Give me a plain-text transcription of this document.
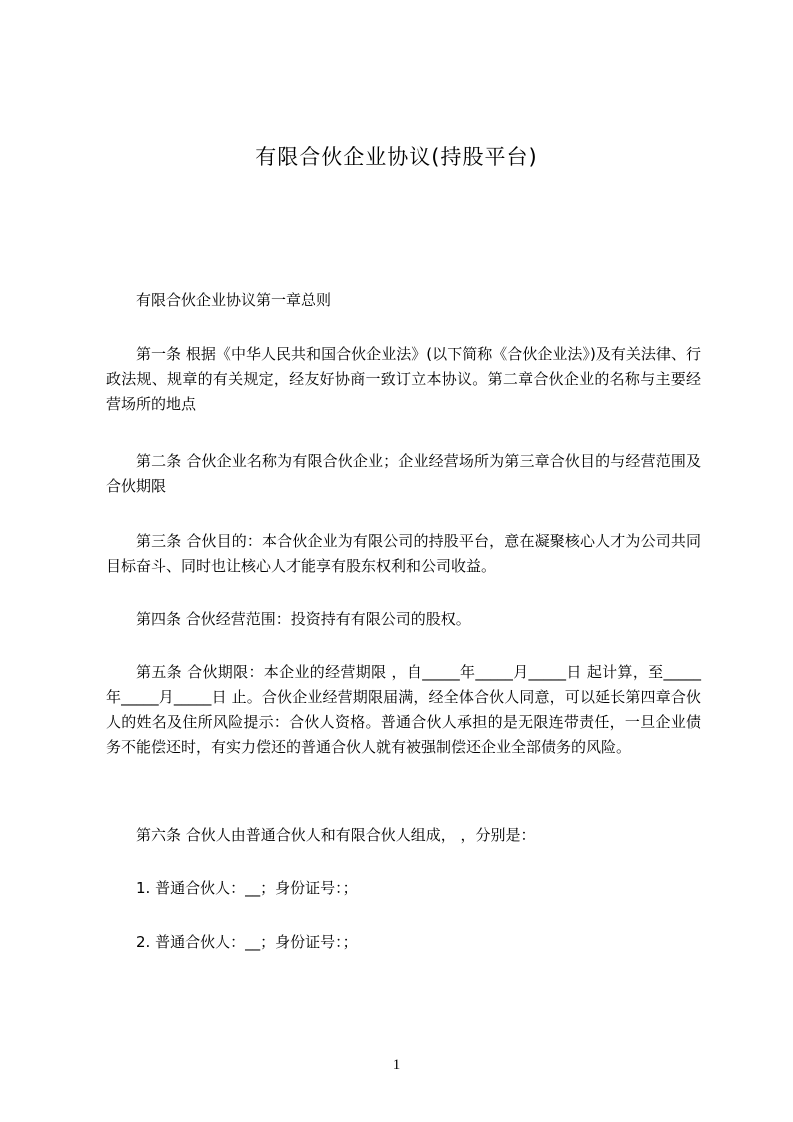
有限合伙企业协议(持股平台)

有限合伙企业协议第一章总则

第一条 根据《中华人民共和国合伙企业法》(以下简称《合伙企业法》)及有关法律、行政法规、规章的有关规定，经友好协商一致订立本协议。第二章合伙企业的名称与主要经营场所的地点

第二条 合伙企业名称为有限合伙企业；企业经营场所为第三章合伙目的与经营范围及合伙期限

第三条 合伙目的：本合伙企业为有限公司的持股平台，意在凝聚核心人才为公司共同目标奋斗、同时也让核心人才能享有股东权利和公司收益。

第四条 合伙经营范围：投资持有有限公司的股权。

第五条 合伙期限：本企业的经营期限 ，自_____年_____月_____日 起计算，至_____年_____月_____日 止。合伙企业经营期限届满，经全体合伙人同意，可以延长第四章合伙人的姓名及住所风险提示：合伙人资格。普通合伙人承担的是无限连带责任，一旦企业债务不能偿还时，有实力偿还的普通合伙人就有被强制偿还企业全部债务的风险。

第六条 合伙人由普通合伙人和有限合伙人组成， ，分别是：

1. 普通合伙人：__；身份证号：；

2. 普通合伙人：__；身份证号：；

1
